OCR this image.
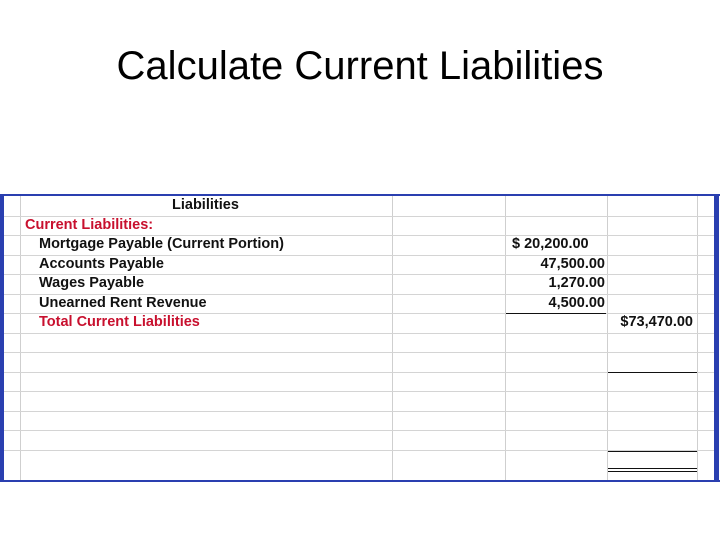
Calculate Current Liabilities
Liabilities
Current Liabilities:
Mortgage Payable (Current Portion)	$ 20,200.00
Accounts Payable	47,500.00
Wages Payable	1,270.00
Unearned Rent Revenue	4,500.00
Total Current Liabilities	$73,470.00
